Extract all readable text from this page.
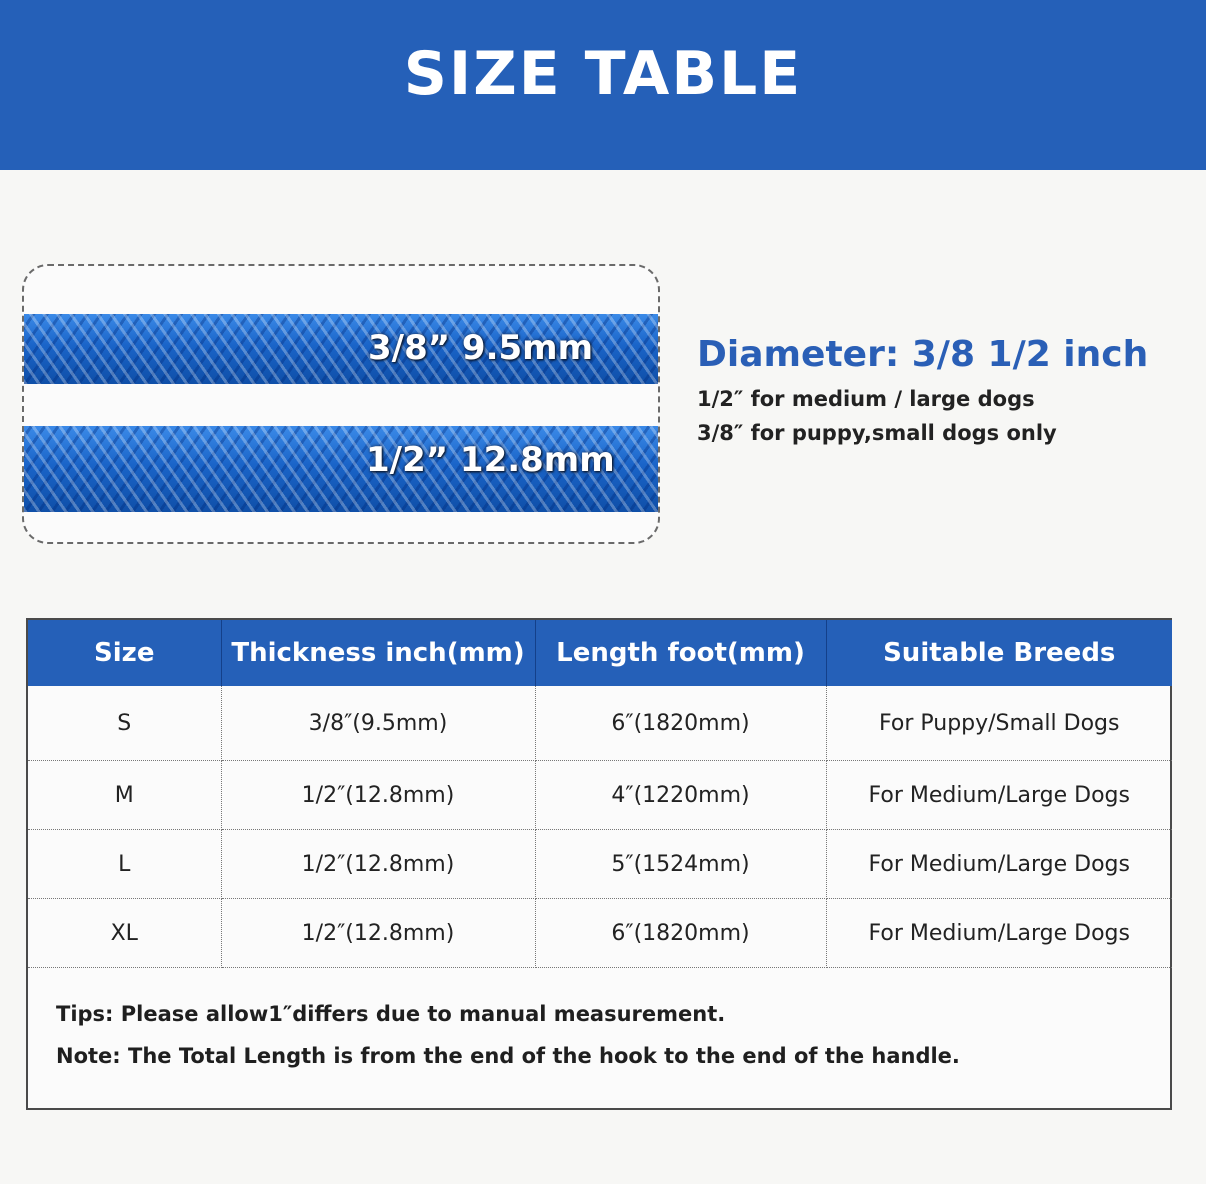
SIZE TABLE
3/8” 9.5mm
1/2” 12.8mm
Diameter: 3/8 1/2 inch
1/2″ for medium / large dogs
3/8″ for puppy,small dogs only
Size	Thickness inch(mm)	Length foot(mm)	Suitable Breeds
S	3/8″(9.5mm)	6″(1820mm)	For Puppy/Small Dogs
M	1/2″(12.8mm)	4″(1220mm)	For Medium/Large Dogs
L	1/2″(12.8mm)	5″(1524mm)	For Medium/Large Dogs
XL	1/2″(12.8mm)	6″(1820mm)	For Medium/Large Dogs
Tips: Please allow1″differs due to manual measurement.
Note: The Total Length is from the end of the hook to the end of the handle.
